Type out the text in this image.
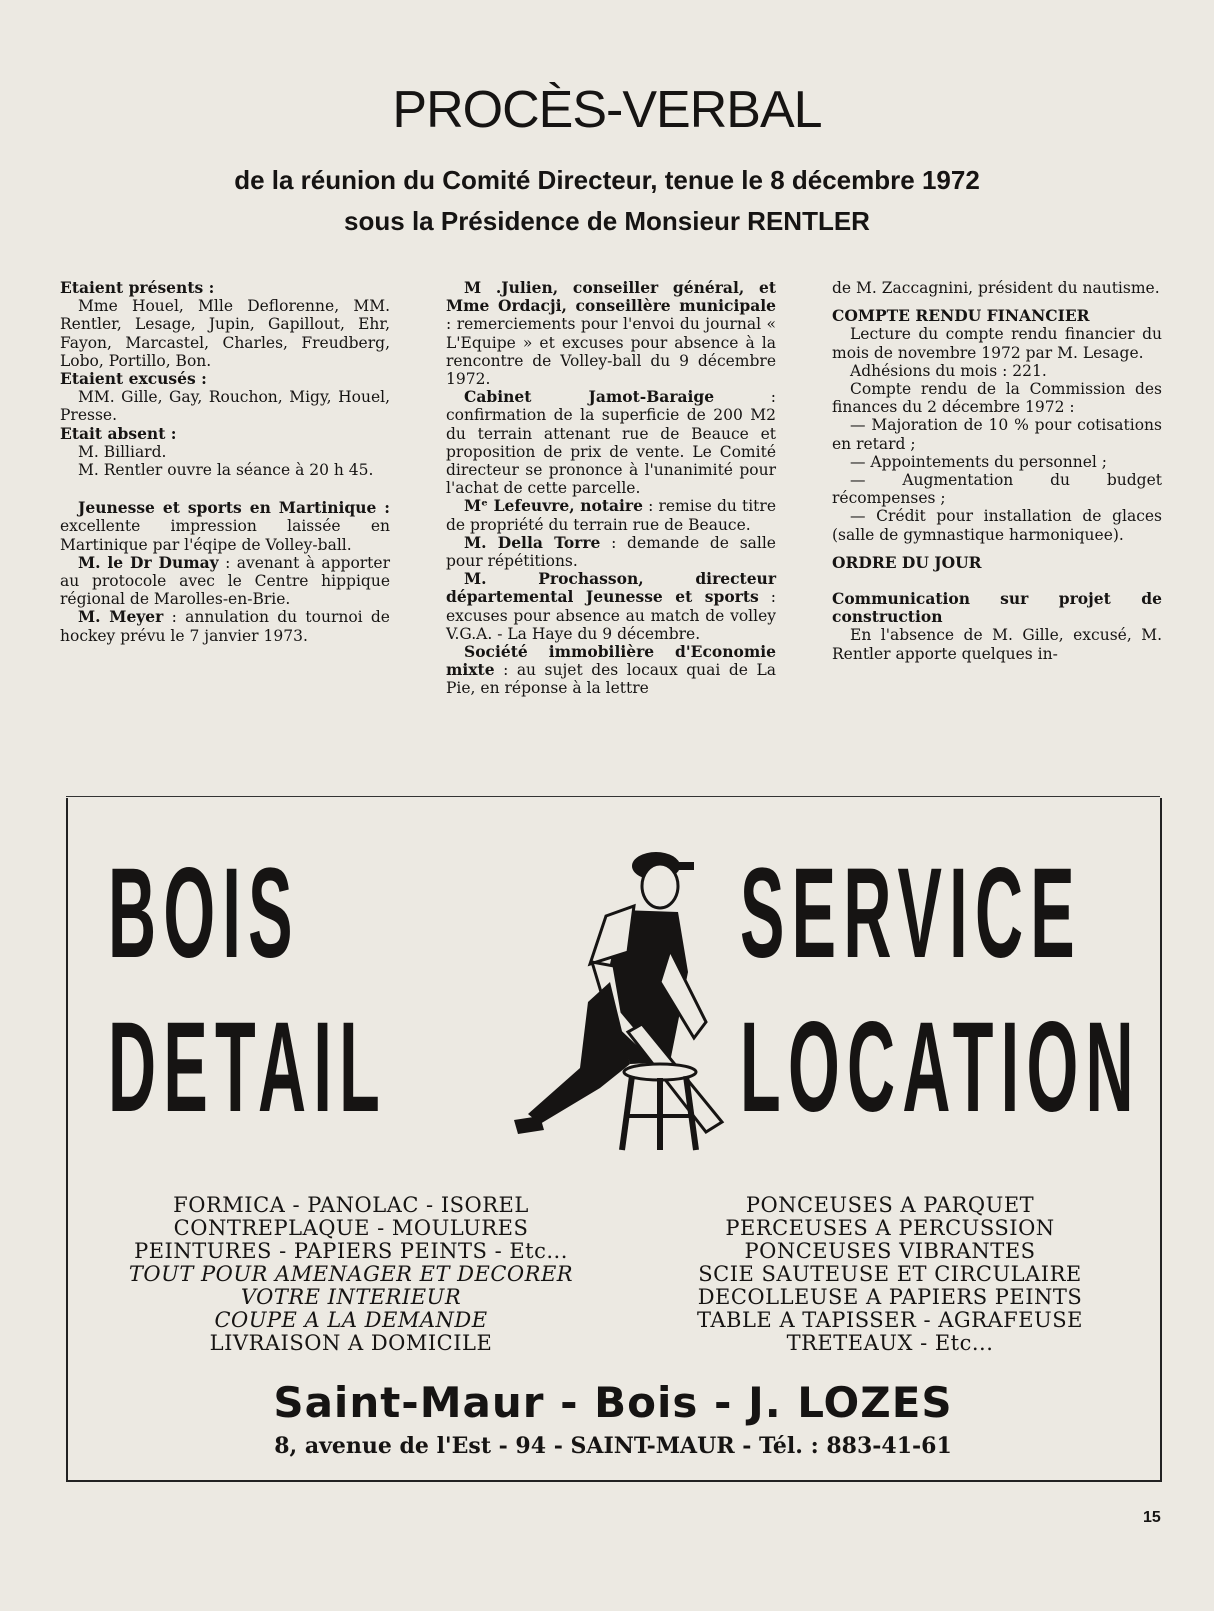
PROCÈS-VERBAL
de la réunion du Comité Directeur, tenue le 8 décembre 1972
sous la Présidence de Monsieur RENTLER
Etaient présents :
Mme Houel, Mlle Deflorenne, MM. Rentler, Lesage, Jupin, Gapillout, Ehr, Fayon, Marcastel, Charles, Freudberg, Lobo, Portillo, Bon.
Etaient excusés :
MM. Gille, Gay, Rouchon, Migy, Houel, Presse.
Etait absent :
M. Billiard.
M. Rentler ouvre la séance à 20 h 45.
Jeunesse et sports en Martinique : excellente impression laissée en Martinique par l'éqipe de Volley-ball.
M. le Dr Dumay : avenant à apporter au protocole avec le Centre hippique régional de Marolles-en-Brie.
M. Meyer : annulation du tournoi de hockey prévu le 7 janvier 1973.
M .Julien, conseiller général, et Mme Ordacji, conseillère municipale : remerciements pour l'envoi du journal « L'Equipe » et excuses pour absence à la rencontre de Volley-ball du 9 décembre 1972.
Cabinet Jamot-Baraige	: confirmation de la superficie de 200 M2 du terrain attenant rue de Beauce et proposition de prix de vente. Le Comité directeur se prononce à l'unanimité pour l'achat de cette parcelle.
Mᵉ Lefeuvre, notaire : remise du titre de propriété du terrain rue de Beauce.
M. Della Torre : demande de salle pour répétitions.
M. Prochasson, directeur départemental Jeunesse et sports : excuses pour absence au match de volley V.G.A. - La Haye du 9 décembre.
Société immobilière d'Economie mixte : au sujet des locaux quai de La Pie, en réponse à la lettre
de M. Zaccagnini, président du nautisme.
COMPTE RENDU FINANCIER
Lecture du compte rendu financier du mois de novembre 1972 par M. Lesage.
Adhésions du mois : 221.
Compte rendu de la Commission des finances du 2 décembre 1972 :
— Majoration de 10 % pour cotisations en retard ;
— Appointements du personnel ;
— Augmentation du budget récompenses ;
— Crédit pour installation de glaces (salle de gymnastique harmoniquee).
ORDRE DU JOUR
Communication sur projet de construction
En l'absence de M. Gille, excusé, M. Rentler apporte quelques in-
BOIS
DETAIL
SERVICE
LOCATION
FORMICA - PANOLAC - ISOREL
CONTREPLAQUE - MOULURES
PEINTURES - PAPIERS PEINTS - Etc...
TOUT POUR AMENAGER ET DECORER
VOTRE INTERIEUR
COUPE A LA DEMANDE
LIVRAISON A DOMICILE
PONCEUSES A PARQUET
PERCEUSES A PERCUSSION
PONCEUSES VIBRANTES
SCIE SAUTEUSE ET CIRCULAIRE
DECOLLEUSE A PAPIERS PEINTS
TABLE A TAPISSER - AGRAFEUSE
TRETEAUX - Etc...
Saint-Maur - Bois - J. LOZES
8, avenue de l'Est - 94 - SAINT-MAUR - Tél. : 883-41-61
15
